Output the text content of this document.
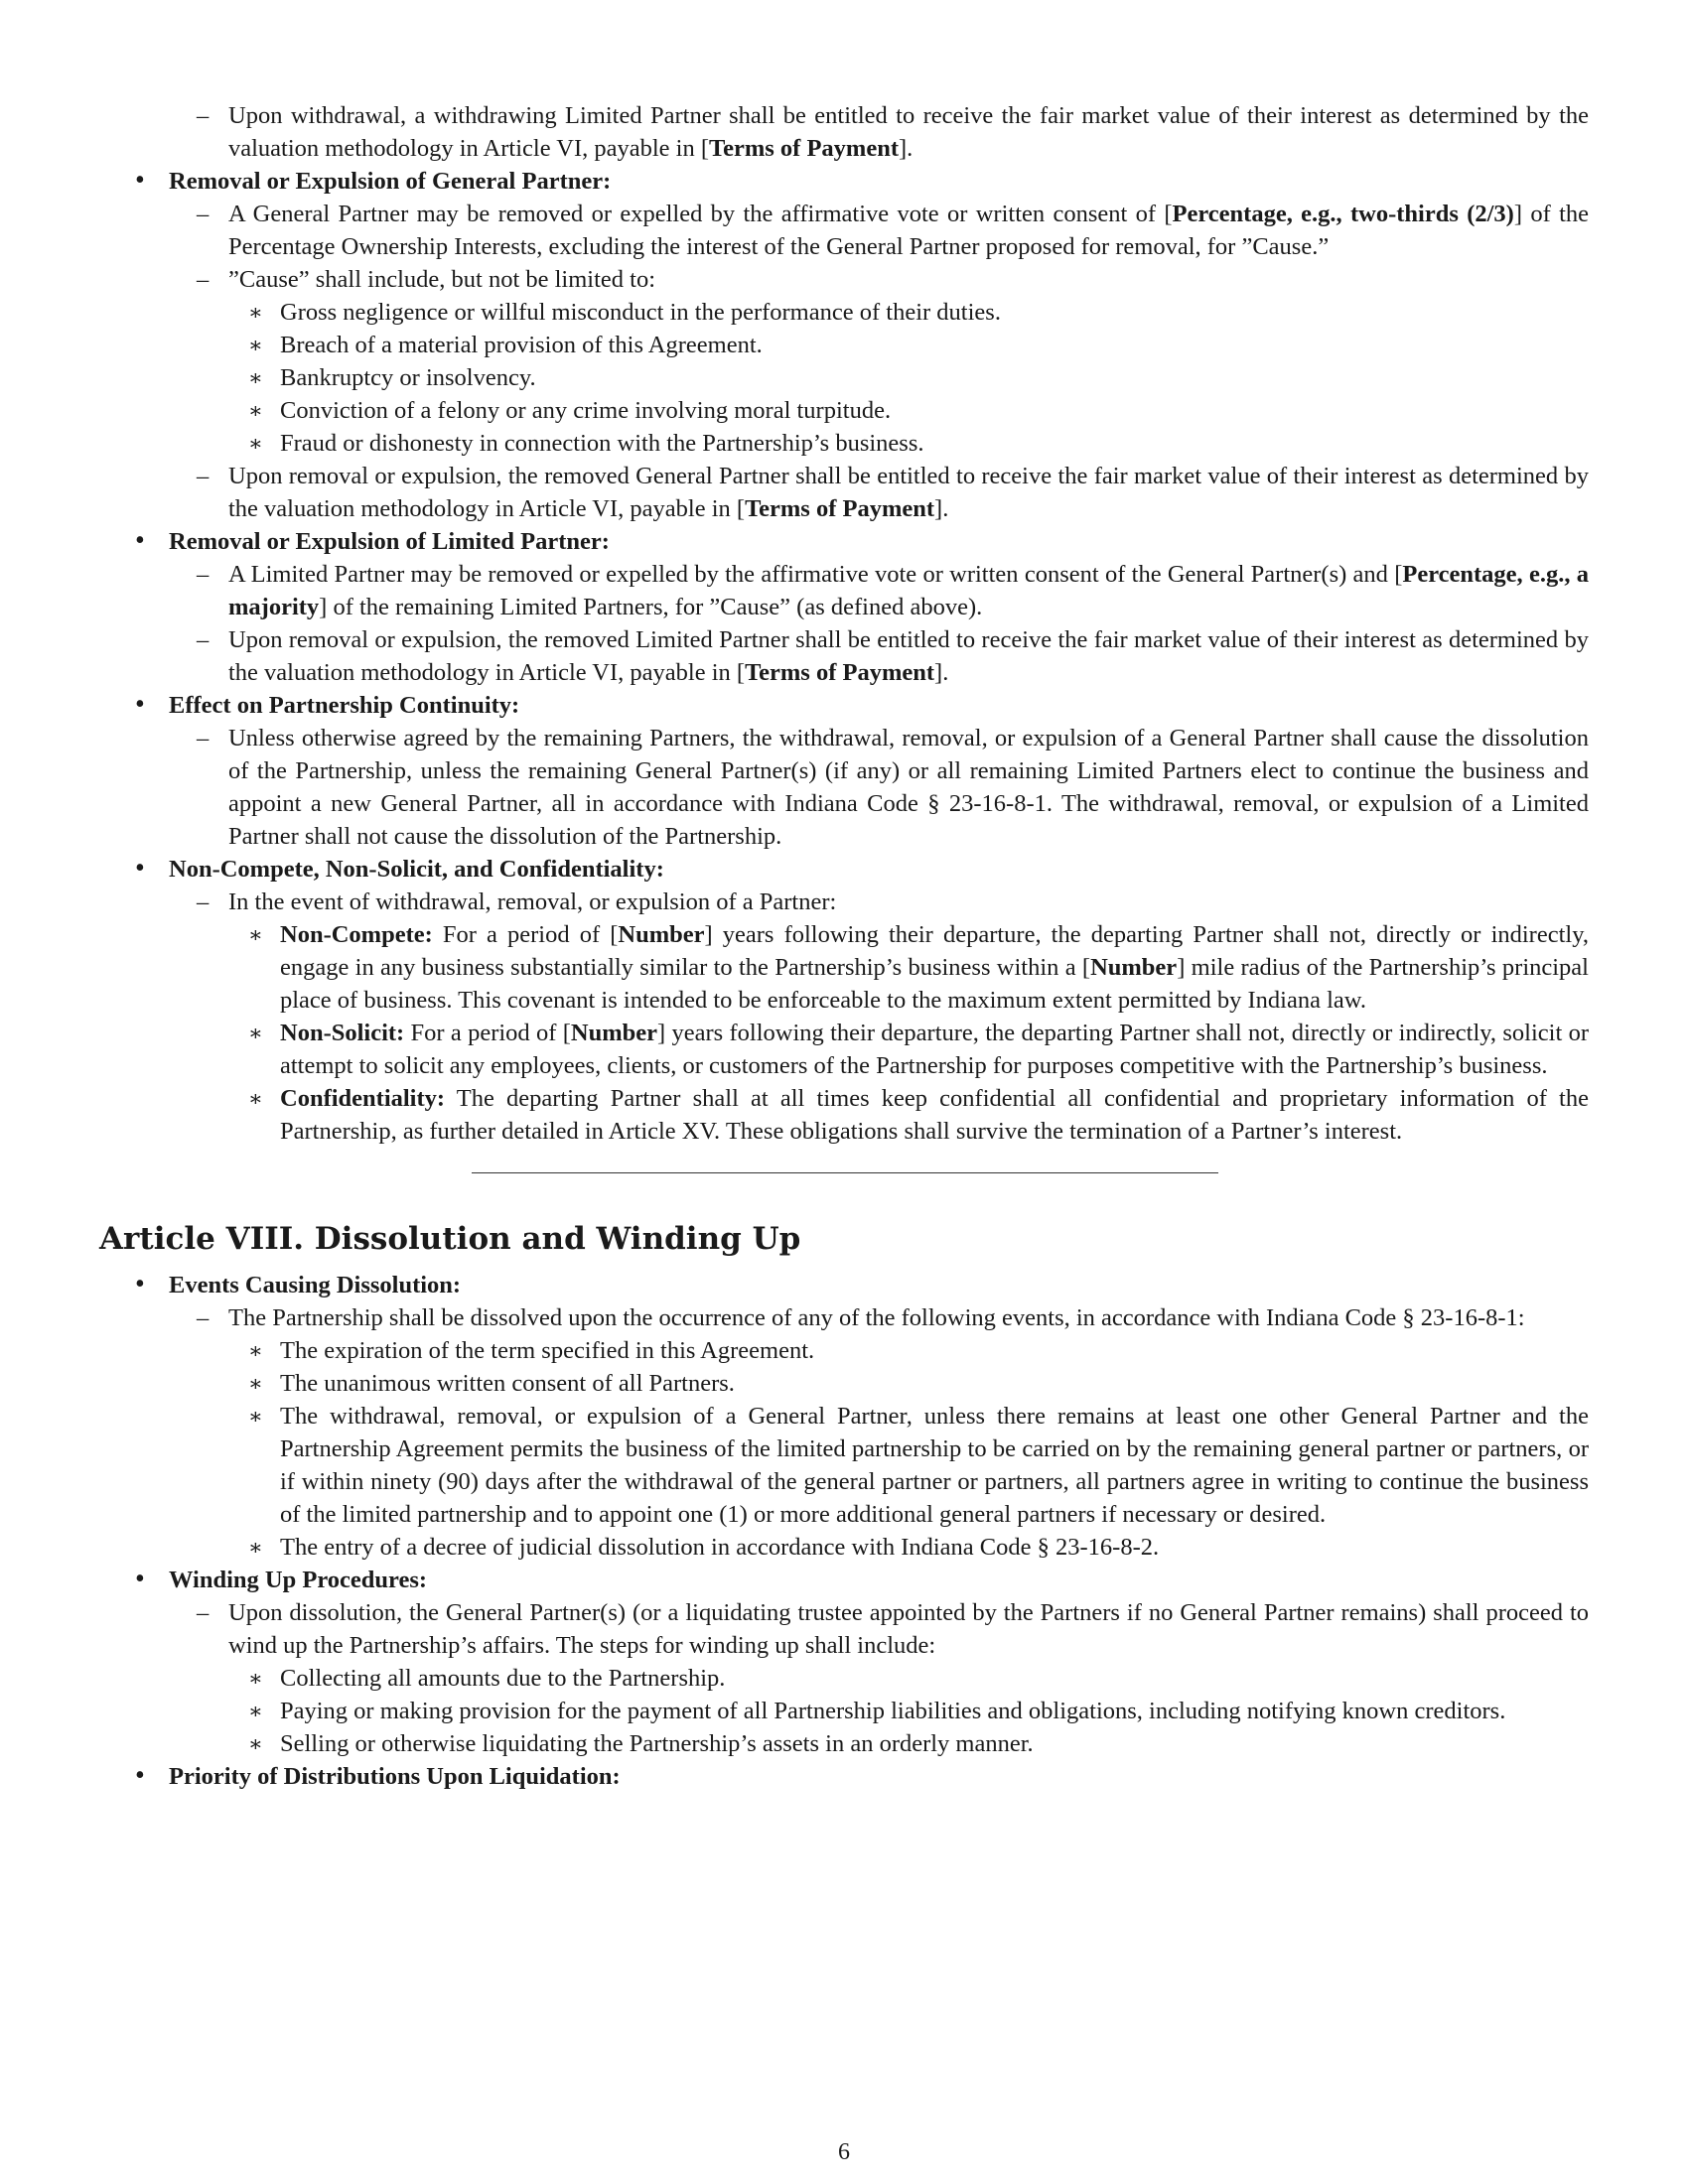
– Upon withdrawal, a withdrawing Limited Partner shall be entitled to receive the fair market value of their interest as determined by the valuation methodology in Article VI, payable in [Terms of Payment].
• Removal or Expulsion of General Partner:
– A General Partner may be removed or expelled by the affirmative vote or written consent of [Percentage, e.g., two-thirds (2/3)] of the Percentage Ownership Interests, excluding the interest of the General Partner proposed for removal, for ”Cause.”
– ”Cause” shall include, but not be limited to:
∗ Gross negligence or willful misconduct in the performance of their duties.
∗ Breach of a material provision of this Agreement.
∗ Bankruptcy or insolvency.
∗ Conviction of a felony or any crime involving moral turpitude.
∗ Fraud or dishonesty in connection with the Partnership’s business.
– Upon removal or expulsion, the removed General Partner shall be entitled to receive the fair market value of their interest as determined by the valuation methodology in Article VI, payable in [Terms of Payment].
• Removal or Expulsion of Limited Partner:
– A Limited Partner may be removed or expelled by the affirmative vote or written consent of the General Partner(s) and [Percentage, e.g., a majority] of the remaining Limited Partners, for ”Cause” (as defined above).
– Upon removal or expulsion, the removed Limited Partner shall be entitled to receive the fair market value of their interest as determined by the valuation methodology in Article VI, payable in [Terms of Payment].
• Effect on Partnership Continuity:
– Unless otherwise agreed by the remaining Partners, the withdrawal, removal, or expulsion of a General Partner shall cause the dissolution of the Partnership, unless the remaining General Partner(s) (if any) or all remaining Limited Partners elect to continue the business and appoint a new General Partner, all in accordance with Indiana Code § 23-16-8-1. The withdrawal, removal, or expulsion of a Limited Partner shall not cause the dissolution of the Partnership.
• Non-Compete, Non-Solicit, and Confidentiality:
– In the event of withdrawal, removal, or expulsion of a Partner:
∗ Non-Compete: For a period of [Number] years following their departure, the departing Partner shall not, directly or indirectly, engage in any business substantially similar to the Partnership’s business within a [Number] mile radius of the Partnership’s principal place of business. This covenant is intended to be enforceable to the maximum extent permitted by Indiana law.
∗ Non-Solicit: For a period of [Number] years following their departure, the departing Partner shall not, directly or indirectly, solicit or attempt to solicit any employees, clients, or customers of the Partnership for purposes competitive with the Partnership’s business.
∗ Confidentiality: The departing Partner shall at all times keep confidential all confidential and proprietary information of the Partnership, as further detailed in Article XV. These obligations shall survive the termination of a Partner’s interest.
Article VIII. Dissolution and Winding Up
• Events Causing Dissolution:
– The Partnership shall be dissolved upon the occurrence of any of the following events, in accordance with Indiana Code § 23-16-8-1:
∗ The expiration of the term specified in this Agreement.
∗ The unanimous written consent of all Partners.
∗ The withdrawal, removal, or expulsion of a General Partner, unless there remains at least one other General Partner and the Partnership Agreement permits the business of the limited partnership to be carried on by the remaining general partner or partners, or if within ninety (90) days after the withdrawal of the general partner or partners, all partners agree in writing to continue the business of the limited partnership and to appoint one (1) or more additional general partners if necessary or desired.
∗ The entry of a decree of judicial dissolution in accordance with Indiana Code § 23-16-8-2.
• Winding Up Procedures:
– Upon dissolution, the General Partner(s) (or a liquidating trustee appointed by the Partners if no General Partner remains) shall proceed to wind up the Partnership’s affairs. The steps for winding up shall include:
∗ Collecting all amounts due to the Partnership.
∗ Paying or making provision for the payment of all Partnership liabilities and obligations, including notifying known creditors.
∗ Selling or otherwise liquidating the Partnership’s assets in an orderly manner.
• Priority of Distributions Upon Liquidation:
6
